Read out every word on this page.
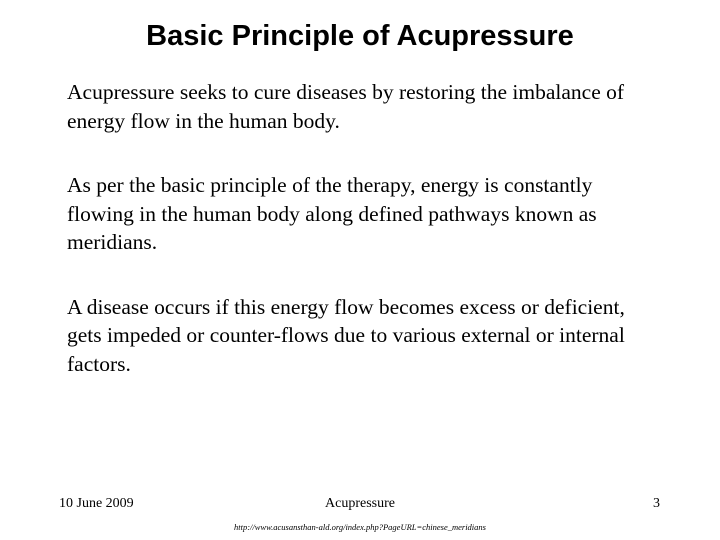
Basic Principle of Acupressure

Acupressure seeks to cure diseases by restoring the imbalance of energy flow in the human body.

As per the basic principle of the therapy, energy is constantly flowing in the human body along defined pathways known as meridians.

A disease occurs if this energy flow becomes excess or deficient, gets impeded or counter-flows due to various external or internal factors.

10 June 2009	Acupressure	3
http://www.acusansthan-ald.org/index.php?PageURL=chinese_meridians
